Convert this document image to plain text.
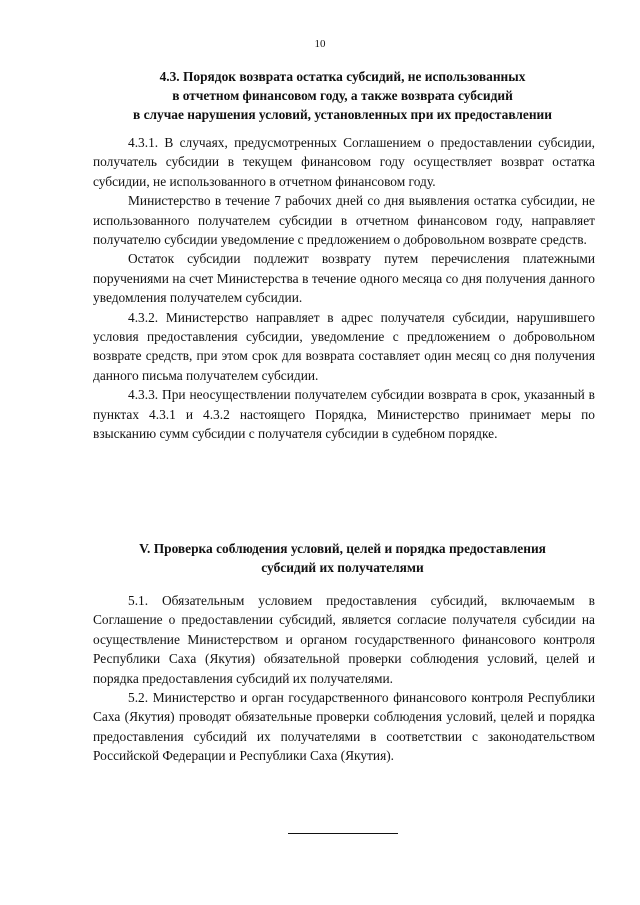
10
4.3. Порядок возврата остатка субсидий, не использованных
в отчетном финансовом году, а также возврата субсидий
в случае нарушения условий, установленных при их предоставлении

4.3.1. В случаях, предусмотренных Соглашением о предоставлении субсидии, получатель субсидии в текущем финансовом году осуществляет возврат остатка субсидии, не использованного в отчетном финансовом году.

Министерство в течение 7 рабочих дней со дня выявления остатка субсидии, не использованного получателем субсидии в отчетном финансовом году, направляет получателю субсидии уведомление с предложением о добровольном возврате средств.

Остаток субсидии подлежит возврату путем перечисления платежными поручениями на счет Министерства в течение одного месяца со дня получения данного уведомления получателем субсидии.

4.3.2. Министерство направляет в адрес получателя субсидии, нарушившего условия предоставления субсидии, уведомление с предложением о добровольном возврате средств, при этом срок для возврата составляет один месяц со дня получения данного письма получателем субсидии.

4.3.3. При неосуществлении получателем субсидии возврата в срок, указанный в пунктах 4.3.1 и 4.3.2 настоящего Порядка, Министерство принимает меры по взысканию сумм субсидии с получателя субсидии в судебном порядке.

V. Проверка соблюдения условий, целей и порядка предоставления
субсидий их получателями

5.1. Обязательным условием предоставления субсидий, включаемым в Соглашение о предоставлении субсидий, является согласие получателя субсидии на осуществление Министерством и органом государственного финансового контроля Республики Саха (Якутия) обязательной проверки соблюдения условий, целей и порядка предоставления субсидий их получателями.

5.2. Министерство и орган государственного финансового контроля Республики Саха (Якутия) проводят обязательные проверки соблюдения условий, целей и порядка предоставления субсидий их получателями в соответствии с законодательством Российской Федерации и Республики Саха (Якутия).
